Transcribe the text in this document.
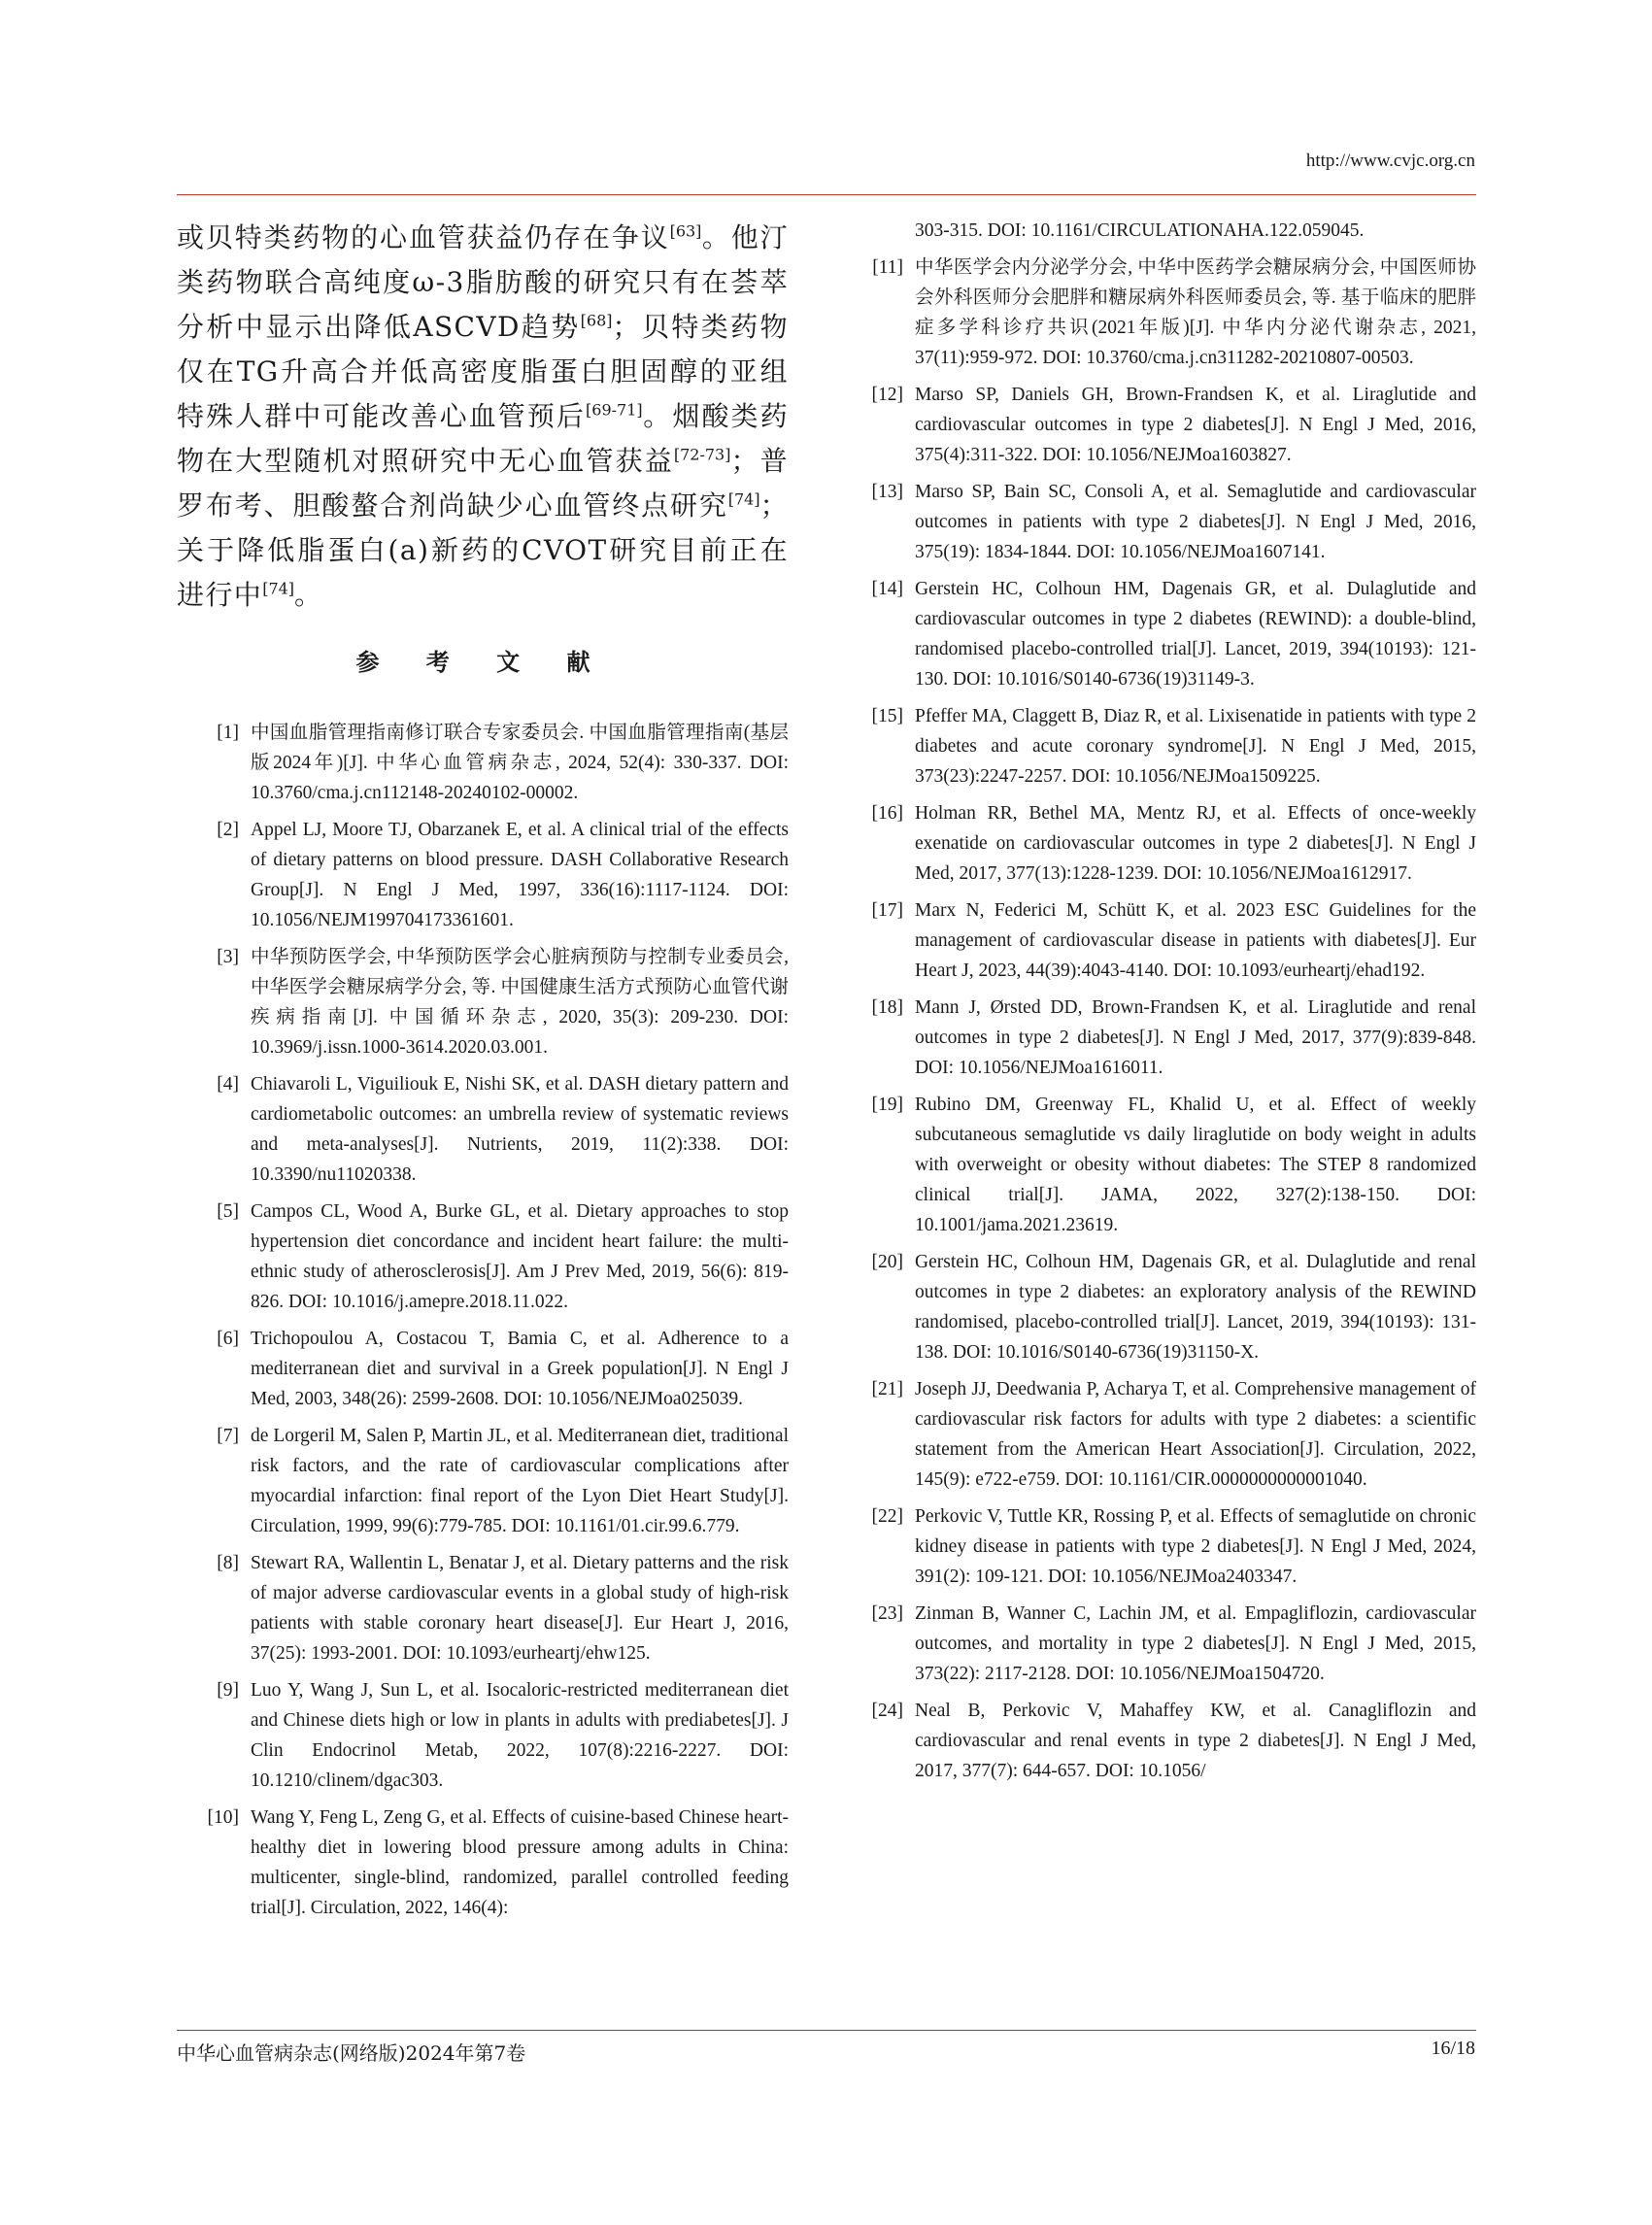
http://www.cvjc.org.cn

或贝特类药物的心血管获益仍存在争议[63]。他汀类药物联合高纯度ω-3脂肪酸的研究只有在荟萃分析中显示出降低ASCVD趋势[68]；贝特类药物仅在TG升高合并低高密度脂蛋白胆固醇的亚组特殊人群中可能改善心血管预后[69-71]。烟酸类药物在大型随机对照研究中无心血管获益[72-73]；普罗布考、胆酸螯合剂尚缺少心血管终点研究[74]；关于降低脂蛋白(a)新药的CVOT研究目前正在进行中[74]。

参 考 文 献
[1] 中国血脂管理指南修订联合专家委员会. 中国血脂管理指南(基层版2024年)[J]. 中华心血管病杂志, 2024, 52(4): 330-337. DOI: 10.3760/cma.j.cn112148-20240102-00002.
[2] Appel LJ, Moore TJ, Obarzanek E, et al. A clinical trial of the effects of dietary patterns on blood pressure. DASH Collaborative Research Group[J]. N Engl J Med, 1997, 336(16):1117-1124. DOI: 10.1056/NEJM199704173361601.
[3] 中华预防医学会, 中华预防医学会心脏病预防与控制专业委员会, 中华医学会糖尿病学分会, 等. 中国健康生活方式预防心血管代谢疾病指南[J]. 中国循环杂志, 2020, 35(3): 209-230. DOI: 10.3969/j.issn.1000-3614.2020.03.001.
[4] Chiavaroli L, Viguiliouk E, Nishi SK, et al. DASH dietary pattern and cardiometabolic outcomes: an umbrella review of systematic reviews and meta-analyses[J]. Nutrients, 2019, 11(2):338. DOI: 10.3390/nu11020338.
[5] Campos CL, Wood A, Burke GL, et al. Dietary approaches to stop hypertension diet concordance and incident heart failure: the multi-ethnic study of atherosclerosis[J]. Am J Prev Med, 2019, 56(6): 819-826. DOI: 10.1016/j.amepre.2018.11.022.
[6] Trichopoulou A, Costacou T, Bamia C, et al. Adherence to a mediterranean diet and survival in a Greek population[J]. N Engl J Med, 2003, 348(26): 2599-2608. DOI: 10.1056/NEJMoa025039.
[7] de Lorgeril M, Salen P, Martin JL, et al. Mediterranean diet, traditional risk factors, and the rate of cardiovascular complications after myocardial infarction: final report of the Lyon Diet Heart Study[J]. Circulation, 1999, 99(6):779-785. DOI: 10.1161/01.cir.99.6.779.
[8] Stewart RA, Wallentin L, Benatar J, et al. Dietary patterns and the risk of major adverse cardiovascular events in a global study of high-risk patients with stable coronary heart disease[J]. Eur Heart J, 2016, 37(25): 1993-2001. DOI: 10.1093/eurheartj/ehw125.
[9] Luo Y, Wang J, Sun L, et al. Isocaloric-restricted mediterranean diet and Chinese diets high or low in plants in adults with prediabetes[J]. J Clin Endocrinol Metab, 2022, 107(8):2216-2227. DOI: 10.1210/clinem/dgac303.
[10] Wang Y, Feng L, Zeng G, et al. Effects of cuisine-based Chinese heart-healthy diet in lowering blood pressure among adults in China: multicenter, single-blind, randomized, parallel controlled feeding trial[J]. Circulation, 2022, 146(4):
303-315. DOI: 10.1161/CIRCULATIONAHA.122.059045.
[11] 中华医学会内分泌学分会, 中华中医药学会糖尿病分会, 中国医师协会外科医师分会肥胖和糖尿病外科医师委员会, 等. 基于临床的肥胖症多学科诊疗共识(2021年版)[J]. 中华内分泌代谢杂志, 2021, 37(11):959-972. DOI: 10.3760/cma.j.cn311282-20210807-00503.
[12] Marso SP, Daniels GH, Brown-Frandsen K, et al. Liraglutide and cardiovascular outcomes in type 2 diabetes[J]. N Engl J Med, 2016, 375(4):311-322. DOI: 10.1056/NEJMoa1603827.
[13] Marso SP, Bain SC, Consoli A, et al. Semaglutide and cardiovascular outcomes in patients with type 2 diabetes[J]. N Engl J Med, 2016, 375(19): 1834-1844. DOI: 10.1056/NEJMoa1607141.
[14] Gerstein HC, Colhoun HM, Dagenais GR, et al. Dulaglutide and cardiovascular outcomes in type 2 diabetes (REWIND): a double-blind, randomised placebo-controlled trial[J]. Lancet, 2019, 394(10193): 121-130. DOI: 10.1016/S0140-6736(19)31149-3.
[15] Pfeffer MA, Claggett B, Diaz R, et al. Lixisenatide in patients with type 2 diabetes and acute coronary syndrome[J]. N Engl J Med, 2015, 373(23):2247-2257. DOI: 10.1056/NEJMoa1509225.
[16] Holman RR, Bethel MA, Mentz RJ, et al. Effects of once-weekly exenatide on cardiovascular outcomes in type 2 diabetes[J]. N Engl J Med, 2017, 377(13):1228-1239. DOI: 10.1056/NEJMoa1612917.
[17] Marx N, Federici M, Schütt K, et al. 2023 ESC Guidelines for the management of cardiovascular disease in patients with diabetes[J]. Eur Heart J, 2023, 44(39):4043-4140. DOI: 10.1093/eurheartj/ehad192.
[18] Mann J, Ørsted DD, Brown-Frandsen K, et al. Liraglutide and renal outcomes in type 2 diabetes[J]. N Engl J Med, 2017, 377(9):839-848. DOI: 10.1056/NEJMoa1616011.
[19] Rubino DM, Greenway FL, Khalid U, et al. Effect of weekly subcutaneous semaglutide vs daily liraglutide on body weight in adults with overweight or obesity without diabetes: The STEP 8 randomized clinical trial[J]. JAMA, 2022, 327(2):138-150. DOI: 10.1001/jama.2021.23619.
[20] Gerstein HC, Colhoun HM, Dagenais GR, et al. Dulaglutide and renal outcomes in type 2 diabetes: an exploratory analysis of the REWIND randomised, placebo-controlled trial[J]. Lancet, 2019, 394(10193): 131-138. DOI: 10.1016/S0140-6736(19)31150-X.
[21] Joseph JJ, Deedwania P, Acharya T, et al. Comprehensive management of cardiovascular risk factors for adults with type 2 diabetes: a scientific statement from the American Heart Association[J]. Circulation, 2022, 145(9): e722-e759. DOI: 10.1161/CIR.0000000000001040.
[22] Perkovic V, Tuttle KR, Rossing P, et al. Effects of semaglutide on chronic kidney disease in patients with type 2 diabetes[J]. N Engl J Med, 2024, 391(2): 109-121. DOI: 10.1056/NEJMoa2403347.
[23] Zinman B, Wanner C, Lachin JM, et al. Empagliflozin, cardiovascular outcomes, and mortality in type 2 diabetes[J]. N Engl J Med, 2015, 373(22): 2117-2128. DOI: 10.1056/NEJMoa1504720.
[24] Neal B, Perkovic V, Mahaffey KW, et al. Canagliflozin and cardiovascular and renal events in type 2 diabetes[J]. N Engl J Med, 2017, 377(7): 644-657. DOI: 10.1056/
中华心血管病杂志(网络版)2024年第7卷	16/18
